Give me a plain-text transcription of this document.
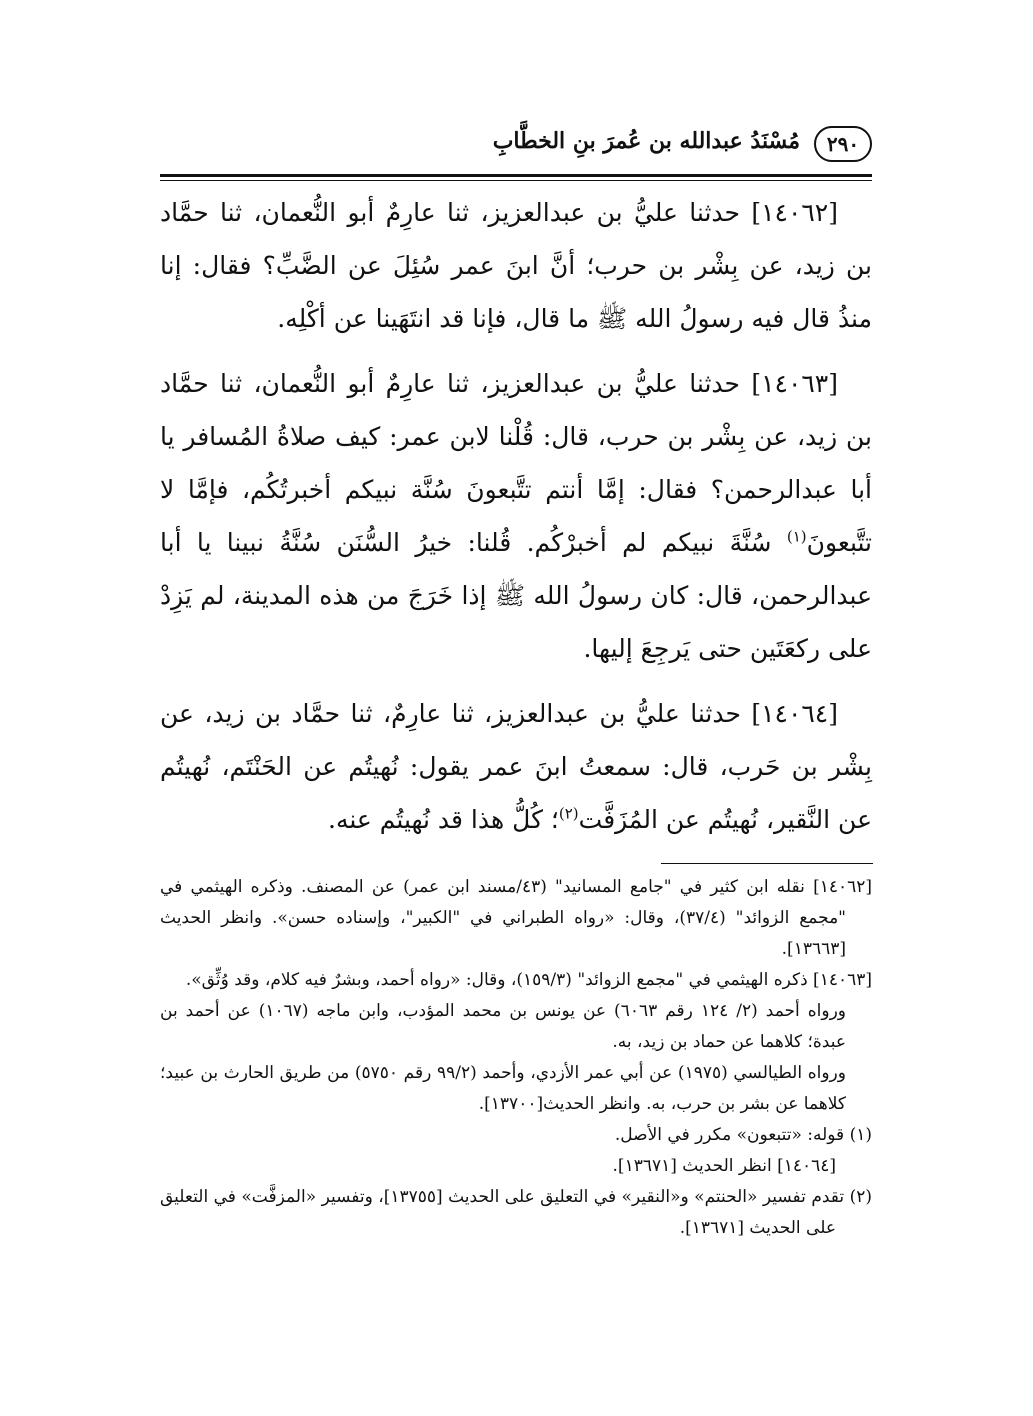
٢٩٠
مُسْنَدُ عبدالله بن عُمرَ بنِ الخطَّابِ

[١٤٠٦٢] حدثنا عليُّ بن عبدالعزيز، ثنا عارِمٌ أبو النُّعمان، ثنا حمَّاد بن زيد، عن بِشْر بن حرب؛ أنَّ ابنَ عمر سُئِلَ عن الضَّبِّ؟ فقال: إنا منذُ قال فيه رسولُ الله ﷺ ما قال، فإنا قد انتَهَينا عن أكْلِه.

[١٤٠٦٣] حدثنا عليُّ بن عبدالعزيز، ثنا عارِمٌ أبو النُّعمان، ثنا حمَّاد بن زيد، عن بِشْر بن حرب، قال: قُلْنا لابن عمر: كيف صلاةُ المُسافر يا أبا عبدالرحمن؟ فقال: إمَّا أنتم تتَّبعونَ سُنَّة نبيكم أخبرتُكُم، فإمَّا لا تتَّبعونَ$^{(١)}$ سُنَّةَ نبيكم لم أخبرْكُم. قُلنا: خيرُ السُّنَن سُنَّةُ نبينا يا أبا عبدالرحمن، قال: كان رسولُ الله ﷺ إذا خَرَجَ من هذه المدينة، لم يَزِدْ على ركعَتَين حتى يَرجِعَ إليها.

[١٤٠٦٤] حدثنا عليُّ بن عبدالعزيز، ثنا عارِمٌ، ثنا حمَّاد بن زيد، عن بِشْر بن حَرب، قال: سمعتُ ابنَ عمر يقول: نُهيتُم عن الحَنْتَم، نُهيتُم عن النَّقير، نُهيتُم عن المُزَفَّت$^{(٢)}$؛ كُلُّ هذا قد نُهيتُم عنه.

[١٤٠٦٢] نقله ابن كثير في "جامع المسانيد" (٤٣/مسند ابن عمر) عن المصنف. وذكره الهيثمي في "مجمع الزوائد" (٣٧/٤)، وقال: «رواه الطبراني في "الكبير"، وإسناده حسن». وانظر الحديث [١٣٦٦٣].

[١٤٠٦٣] ذكره الهيثمي في "مجمع الزوائد" (١٥٩/٣)، وقال: «رواه أحمد، وبشرٌ فيه كلام، وقد وُثِّق».

ورواه أحمد (٢/ ١٢٤ رقم ٦٠٦٣) عن يونس بن محمد المؤدب، وابن ماجه (١٠٦٧) عن أحمد بن عبدة؛ كلاهما عن حماد بن زيد، به.

ورواه الطيالسي (١٩٧٥) عن أبي عمر الأزدي، وأحمد (٩٩/٢ رقم ٥٧٥٠) من طريق الحارث بن عبيد؛ كلاهما عن بشر بن حرب، به. وانظر الحديث[١٣٧٠٠].

(١) قوله: «تتبعون» مكرر في الأصل.

[١٤٠٦٤] انظر الحديث [١٣٦٧١].

(٢) تقدم تفسير «الحنتم» و«النقير» في التعليق على الحديث [١٣٧٥٥]، وتفسير «المزفَّت» في التعليق على الحديث [١٣٦٧١].
